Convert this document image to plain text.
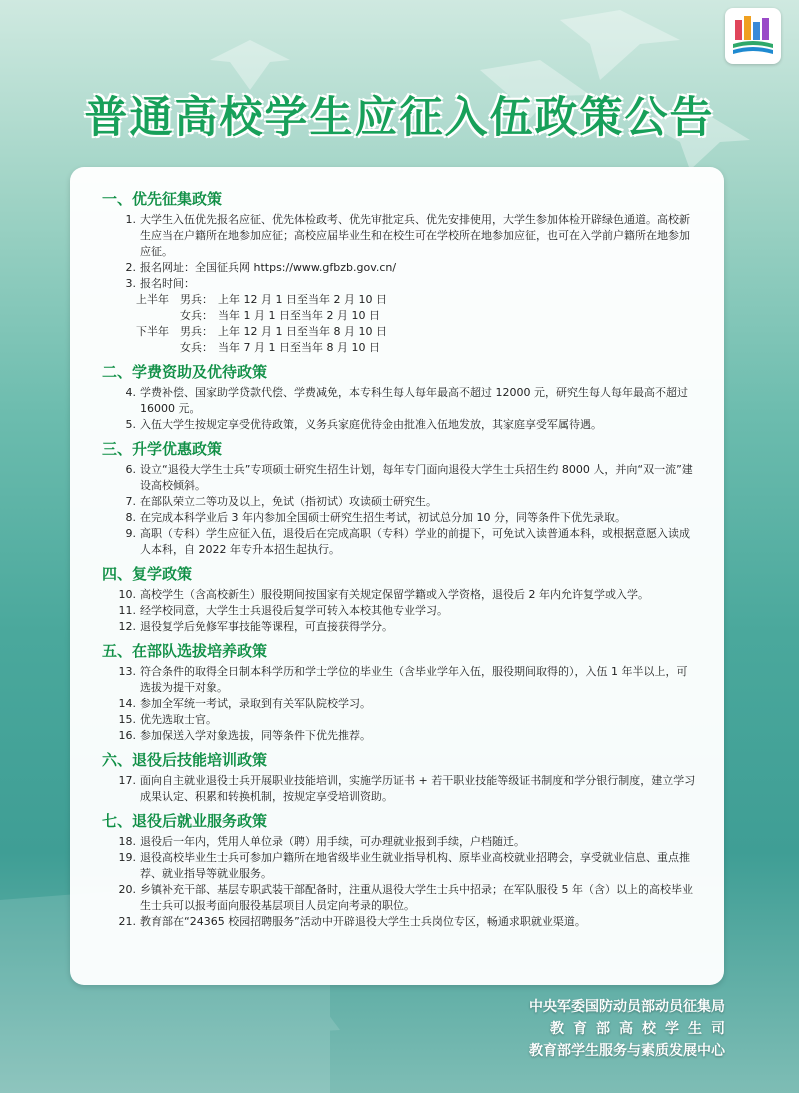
普通高校学生应征入伍政策公告
一、优先征集政策
1. 大学生入伍优先报名应征、优先体检政考、优先审批定兵、优先安排使用，大学生参加体检开辟绿色通道。高校新生应当在户籍所在地参加应征；高校应届毕业生和在校生可在学校所在地参加应征，也可在入学前户籍所在地参加应征。
2. 报名网址：全国征兵网 https://www.gfbzb.gov.cn/
3. 报名时间：
上半年	男兵： 上年 12 月 1 日至当年 2 月 10 日
女兵： 当年 1 月 1 日至当年 2 月 10 日
下半年	男兵： 上年 12 月 1 日至当年 8 月 10 日
女兵： 当年 7 月 1 日至当年 8 月 10 日
二、学费资助及优待政策
4. 学费补偿、国家助学贷款代偿、学费减免，本专科生每人每年最高不超过 12000 元，研究生每人每年最高不超过 16000 元。
5. 入伍大学生按规定享受优待政策，义务兵家庭优待金由批准入伍地发放，其家庭享受军属待遇。
三、升学优惠政策
6. 设立“退役大学生士兵”专项硕士研究生招生计划，每年专门面向退役大学生士兵招生约 8000 人，并向“双一流”建设高校倾斜。
7. 在部队荣立二等功及以上，免试（指初试）攻读硕士研究生。
8. 在完成本科学业后 3 年内参加全国硕士研究生招生考试，初试总分加 10 分，同等条件下优先录取。
9. 高职（专科）学生应征入伍，退役后在完成高职（专科）学业的前提下，可免试入读普通本科，或根据意愿入读成人本科，自 2022 年专升本招生起执行。
四、复学政策
10. 高校学生（含高校新生）服役期间按国家有关规定保留学籍或入学资格，退役后 2 年内允许复学或入学。
11. 经学校同意，大学生士兵退役后复学可转入本校其他专业学习。
12. 退役复学后免修军事技能等课程，可直接获得学分。
五、在部队选拔培养政策
13. 符合条件的取得全日制本科学历和学士学位的毕业生（含毕业学年入伍，服役期间取得的），入伍 1 年半以上，可选拔为提干对象。
14. 参加全军统一考试，录取到有关军队院校学习。
15. 优先选取士官。
16. 参加保送入学对象选拔，同等条件下优先推荐。
六、退役后技能培训政策
17. 面向自主就业退役士兵开展职业技能培训，实施学历证书 + 若干职业技能等级证书制度和学分银行制度，建立学习成果认定、积累和转换机制，按规定享受培训资助。
七、退役后就业服务政策
18. 退役后一年内，凭用人单位录（聘）用手续，可办理就业报到手续，户档随迁。
19. 退役高校毕业生士兵可参加户籍所在地省级毕业生就业指导机构、原毕业高校就业招聘会，享受就业信息、重点推荐、就业指导等就业服务。
20. 乡镇补充干部、基层专职武装干部配备时，注重从退役大学生士兵中招录；在军队服役 5 年（含）以上的高校毕业生士兵可以报考面向服役基层项目人员定向考录的职位。
21. 教育部在“24365 校园招聘服务”活动中开辟退役大学生士兵岗位专区，畅通求职就业渠道。
中央军委国防动员部动员征集局
教育部高校学生司
教育部学生服务与素质发展中心
